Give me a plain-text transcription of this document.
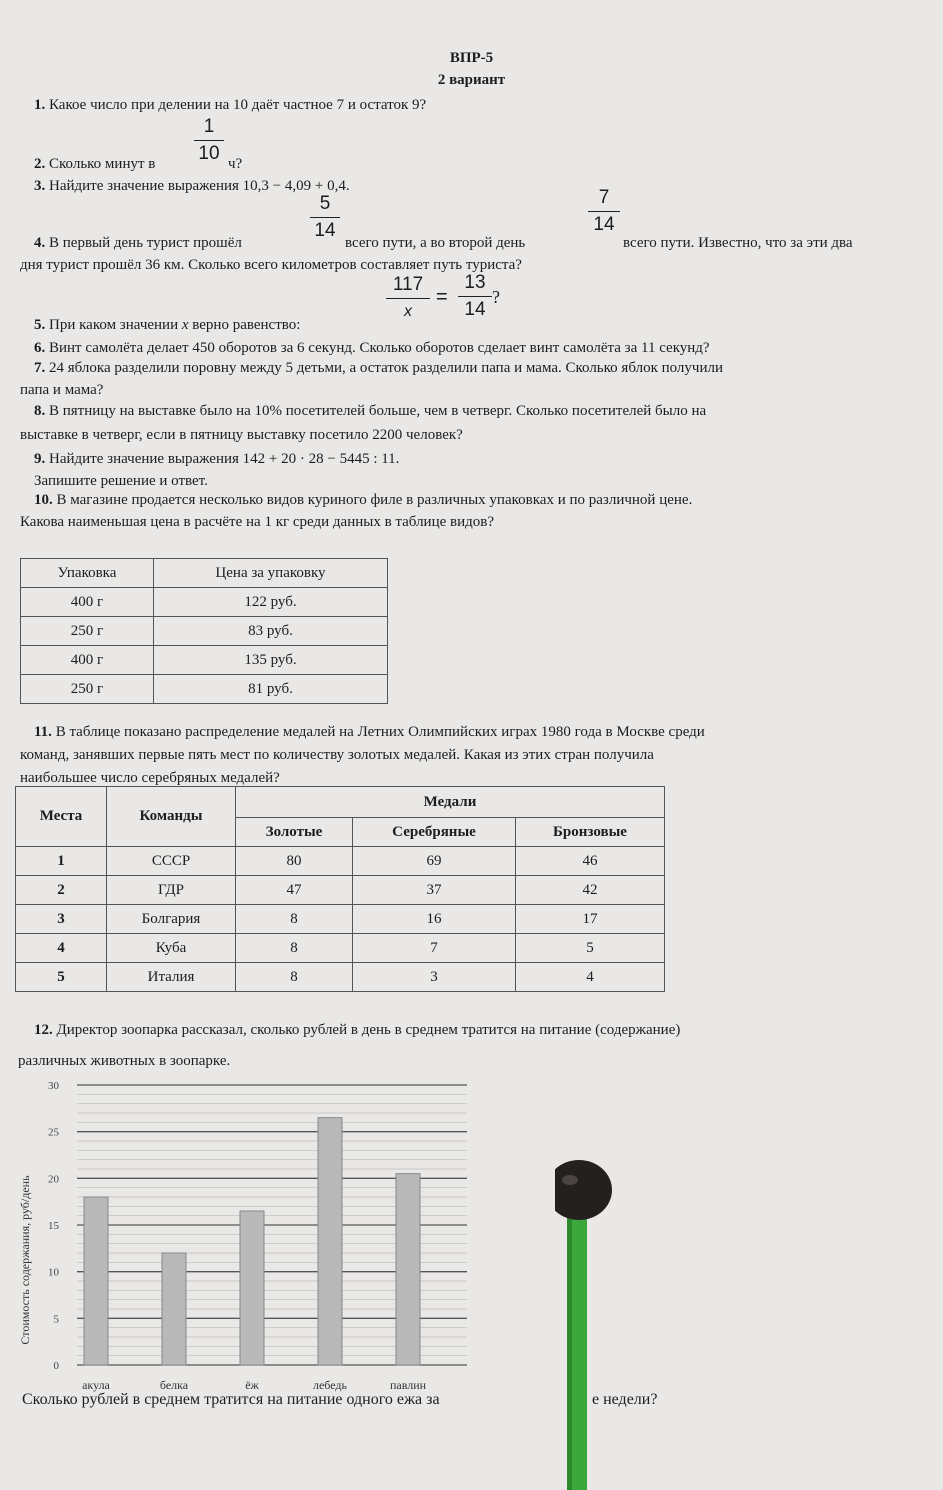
ВПР-5
2 вариант
1. Какое число при делении на 10 даёт частное 7 и остаток 9?
2. Сколько минут в
1
10 ч?
3. Найдите значение выражения 10,3 − 4,09 + 0,4.
5
14
7
14
4. В первый день турист прошёл	всего пути, а во второй день	всего пути. Известно, что за эти два
дня турист прошёл 36 км. Сколько всего километров составляет путь туриста?
117
x
=
13
14
?
5. При каком значении x верно равенство:
6. Винт самолёта делает 450 оборотов за 6 секунд. Сколько оборотов сделает винт самолёта за 11 секунд?
7. 24 яблока разделили поровну между 5 детьми, а остаток разделили папа и мама. Сколько яблок получили
папа и мама?
8. В пятницу на выставке было на 10% посетителей больше, чем в четверг. Сколько посетителей было на
выставке в четверг, если в пятницу выставку посетило 2200 человек?
9. Найдите значение выражения 142 + 20 · 28 − 5445 : 11.
Запишите решение и ответ.
10. В магазине продается несколько видов куриного филе в различных упаковках и по различной цене.
Какова наименьшая цена в расчёте на 1 кг среди данных в таблице видов?
Упаковка	Цена за упаковку
400 г	122 руб.
250 г	83 руб.
400 г	135 руб.
250 г	81 руб.
11. В таблице показано распределение медалей на Летних Олимпийских играх 1980 года в Москве среди
команд, занявших первые пять мест по количеству золотых медалей. Какая из этих стран получила
наибольшее число серебряных медалей?
Места	Команды	Медали		
		Золотые	Серебряные	Бронзовые
1	СССР	80	69	46
2	ГДР	47	37	42
3	Болгария	8	16	17
4	Куба	8	7	5
5	Италия	8	3	4
12. Директор зоопарка рассказал, сколько рублей в день в среднем тратится на питание (содержание)
различных животных в зоопарке.
0
5
10
15
20
25
30
акула	белка	ёж	лебедь	павлин
Стоимость содержания, руб/день
Сколько рублей в среднем тратится на питание одного ежа за	е недели?
